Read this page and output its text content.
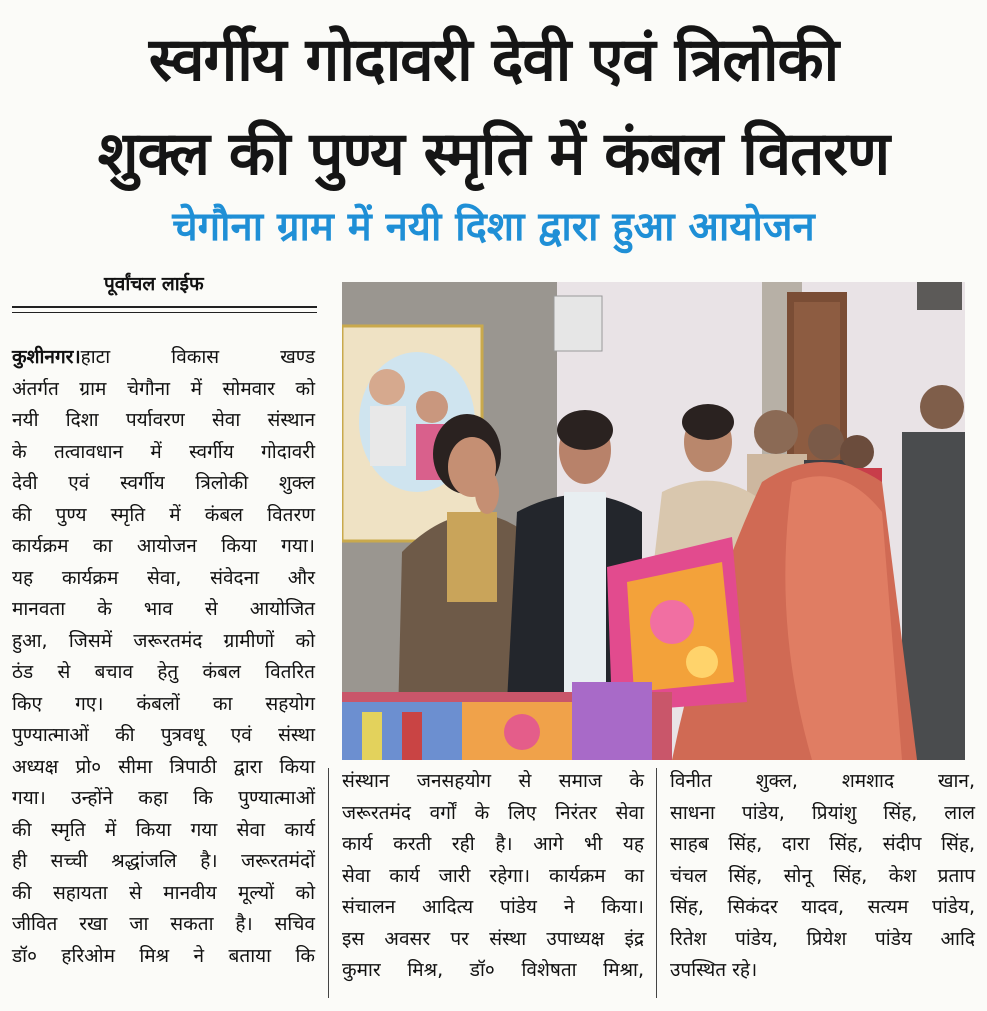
स्वर्गीय गोदावरी देवी एवं त्रिलोकी
शुक्ल की पुण्य स्मृति में कंबल वितरण
चेगौना ग्राम में नयी दिशा द्वारा हुआ आयोजन
पूर्वांचल लाईफ
कुशीनगर।हाटा विकास खण्ड
अंतर्गत ग्राम चेगौना में सोमवार को
नयी दिशा पर्यावरण सेवा संस्थान
के तत्वावधान में स्वर्गीय गोदावरी
देवी एवं स्वर्गीय त्रिलोकी शुक्ल
की पुण्य स्मृति में कंबल वितरण
कार्यक्रम का आयोजन किया गया।
यह कार्यक्रम सेवा, संवेदना और
मानवता के भाव से आयोजित
हुआ, जिसमें जरूरतमंद ग्रामीणों को
ठंड से बचाव हेतु कंबल वितरित
किए गए। कंबलों का सहयोग
पुण्यात्माओं की पुत्रवधू एवं संस्था
अध्यक्ष प्रो० सीमा त्रिपाठी द्वारा किया
गया। उन्होंने कहा कि पुण्यात्माओं
की स्मृति में किया गया सेवा कार्य
ही सच्ची श्रद्धांजलि है। जरूरतमंदों
की सहायता से मानवीय मूल्यों को
जीवित रखा जा सकता है। सचिव
डॉ० हरिओम मिश्र ने बताया कि
संस्थान जनसहयोग से समाज के
जरूरतमंद वर्गों के लिए निरंतर सेवा
कार्य करती रही है। आगे भी यह
सेवा कार्य जारी रहेगा। कार्यक्रम का
संचालन आदित्य पांडेय ने किया।
इस अवसर पर संस्था उपाध्यक्ष इंद्र
कुमार मिश्र, डॉ० विशेषता मिश्रा,
विनीत शुक्ल, शमशाद खान,
साधना पांडेय, प्रियांशु सिंह, लाल
साहब सिंह, दारा सिंह, संदीप सिंह,
चंचल सिंह, सोनू सिंह, केश प्रताप
सिंह, सिकंदर यादव, सत्यम पांडेय,
रितेश पांडेय, प्रियेश पांडेय आदि
उपस्थित रहे।
